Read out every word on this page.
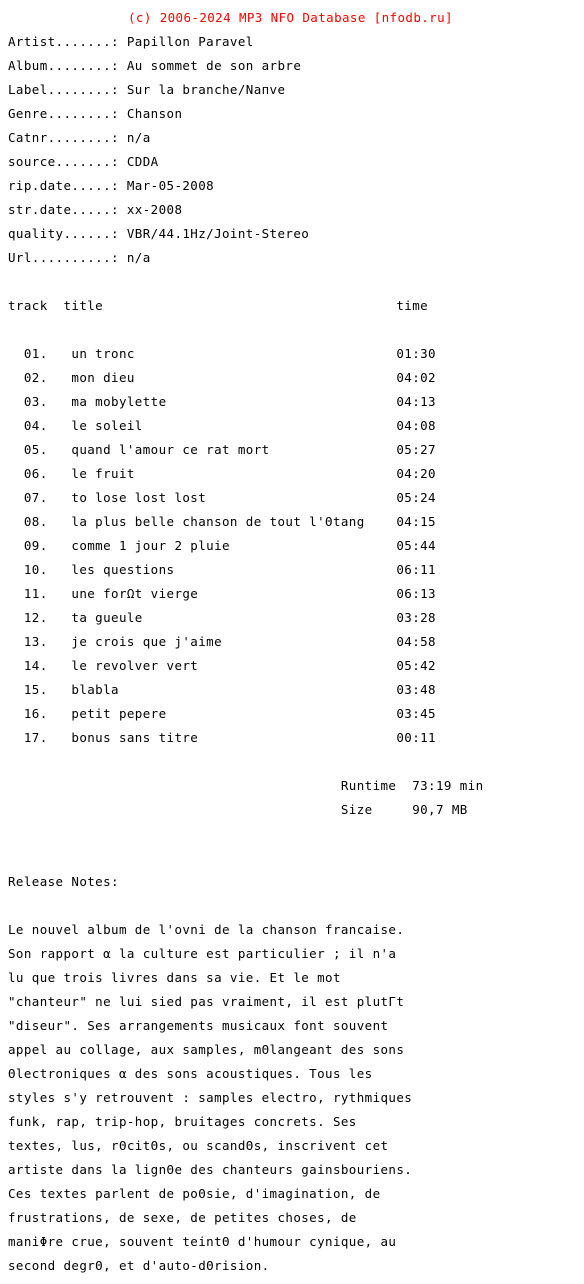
(c) 2006-2024 MP3 NFO Database [nfodb.ru]

Artist.......: Papillon Paravel

Album........: Au sommet de son arbre

Label........: Sur la branche/Naпve

Genre........: Chanson

Catnr........: n/a

source.......: CDDA

rip.date.....: Mar-05-2008

str.date.....: xx-2008

quality......: VBR/44.1Hz/Joint-Stereo

Url..........: n/a

track  title                                     time

01.   un tronc                                 01:30

02.   mon dieu                                 04:02

03.   ma mobylette                             04:13

04.   le soleil                                04:08

05.   quand l'amour ce rat mort                05:27

06.   le fruit                                 04:20

07.   to lose lost lost                        05:24

08.   la plus belle chanson de tout l'Θtang    04:15

09.   comme 1 jour 2 pluie                     05:44

10.   les questions                            06:11

11.   une forΩt vierge                         06:13

12.   ta gueule                                03:28

13.   je crois que j'aime                      04:58

14.   le revolver vert                         05:42

15.   blabla                                   03:48

16.   petit pepere                             03:45

17.   bonus sans titre                         00:11

Runtime  73:19 min

Size     90,7 MB

Release Notes:

Le nouvel album de l'ovni de la chanson francaise.

Son rapport α la culture est particulier ; il n'a

lu que trois livres dans sa vie. Et le mot

"chanteur" ne lui sied pas vraiment, il est plutΓt

"diseur". Ses arrangements musicaux font souvent

appel au collage, aux samples, mΘlangeant des sons

Θlectroniques α des sons acoustiques. Tous les

styles s'y retrouvent : samples electro, rythmiques

funk, rap, trip-hop, bruitages concrets. Ses

textes, lus, rΘcitΘs, ou scandΘs, inscrivent cet

artiste dans la lignΘe des chanteurs gainsbouriens.

Ces textes parlent de poΘsie, d'imagination, de

frustrations, de sexe, de petites choses, de

maniΦre crue, souvent teintΘ d'humour cynique, au

second degrΘ, et d'auto-dΘrision.
